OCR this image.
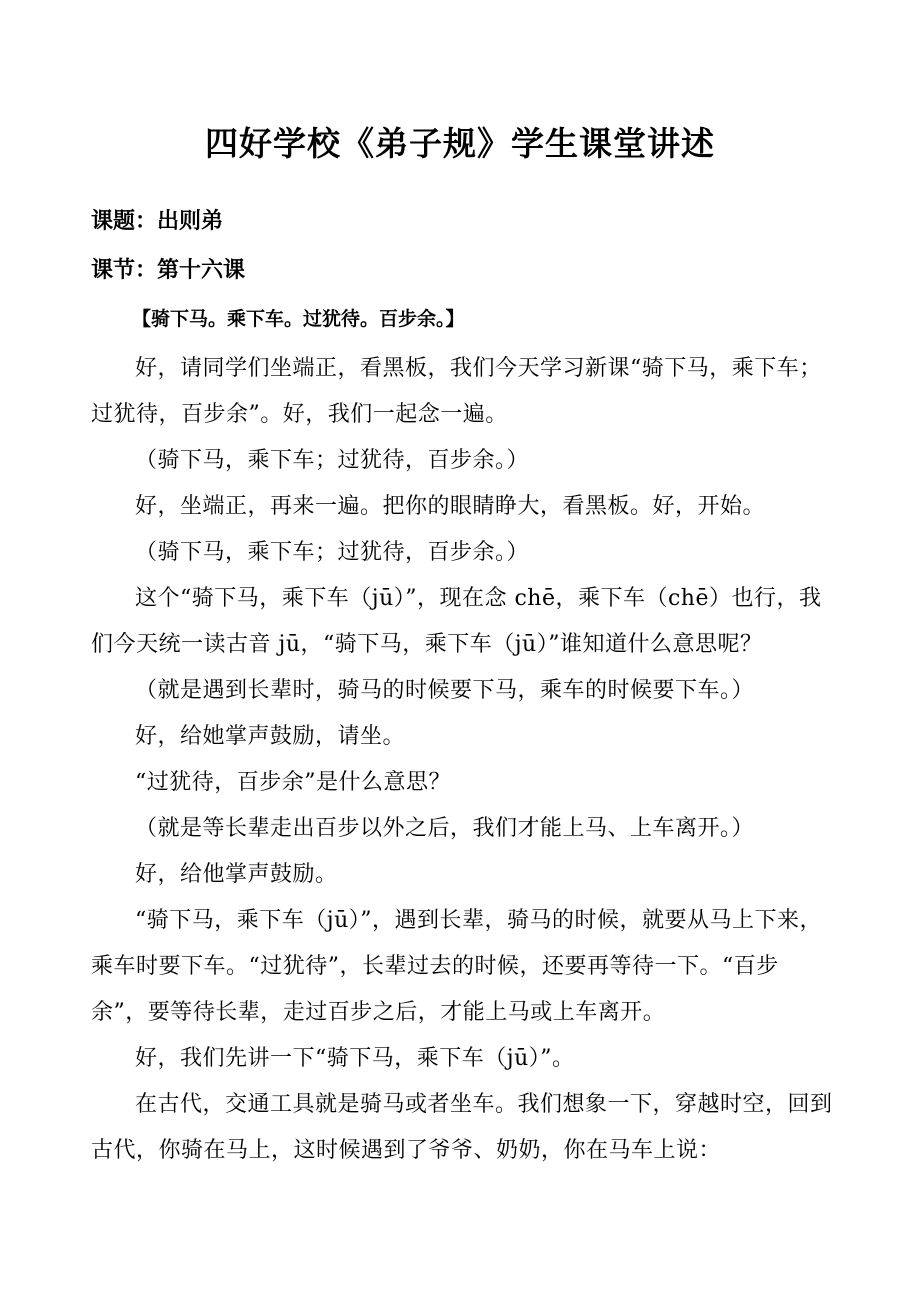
四好学校《弟子规》学生课堂讲述
课题：出则弟
课节：第十六课
【骑下马。乘下车。过犹待。百步余。】

好，请同学们坐端正，看黑板，我们今天学习新课“骑下马，乘下车；过犹待，百步余”。好，我们一起念一遍。

（骑下马，乘下车；过犹待，百步余。）

好，坐端正，再来一遍。把你的眼睛睁大，看黑板。好，开始。

（骑下马，乘下车；过犹待，百步余。）

这个“骑下马，乘下车（jū）”，现在念 chē，乘下车（chē）也行，我们今天统一读古音 jū，“骑下马，乘下车（jū）”谁知道什么意思呢？

（就是遇到长辈时，骑马的时候要下马，乘车的时候要下车。）

好，给她掌声鼓励，请坐。

“过犹待，百步余”是什么意思？

（就是等长辈走出百步以外之后，我们才能上马、上车离开。）

好，给他掌声鼓励。

“骑下马，乘下车（jū）”，遇到长辈，骑马的时候，就要从马上下来，乘车时要下车。“过犹待”，长辈过去的时候，还要再等待一下。“百步余”，要等待长辈，走过百步之后，才能上马或上车离开。

好，我们先讲一下“骑下马，乘下车（jū）”。

在古代，交通工具就是骑马或者坐车。我们想象一下，穿越时空，回到古代，你骑在马上，这时候遇到了爷爷、奶奶，你在马车上说：
